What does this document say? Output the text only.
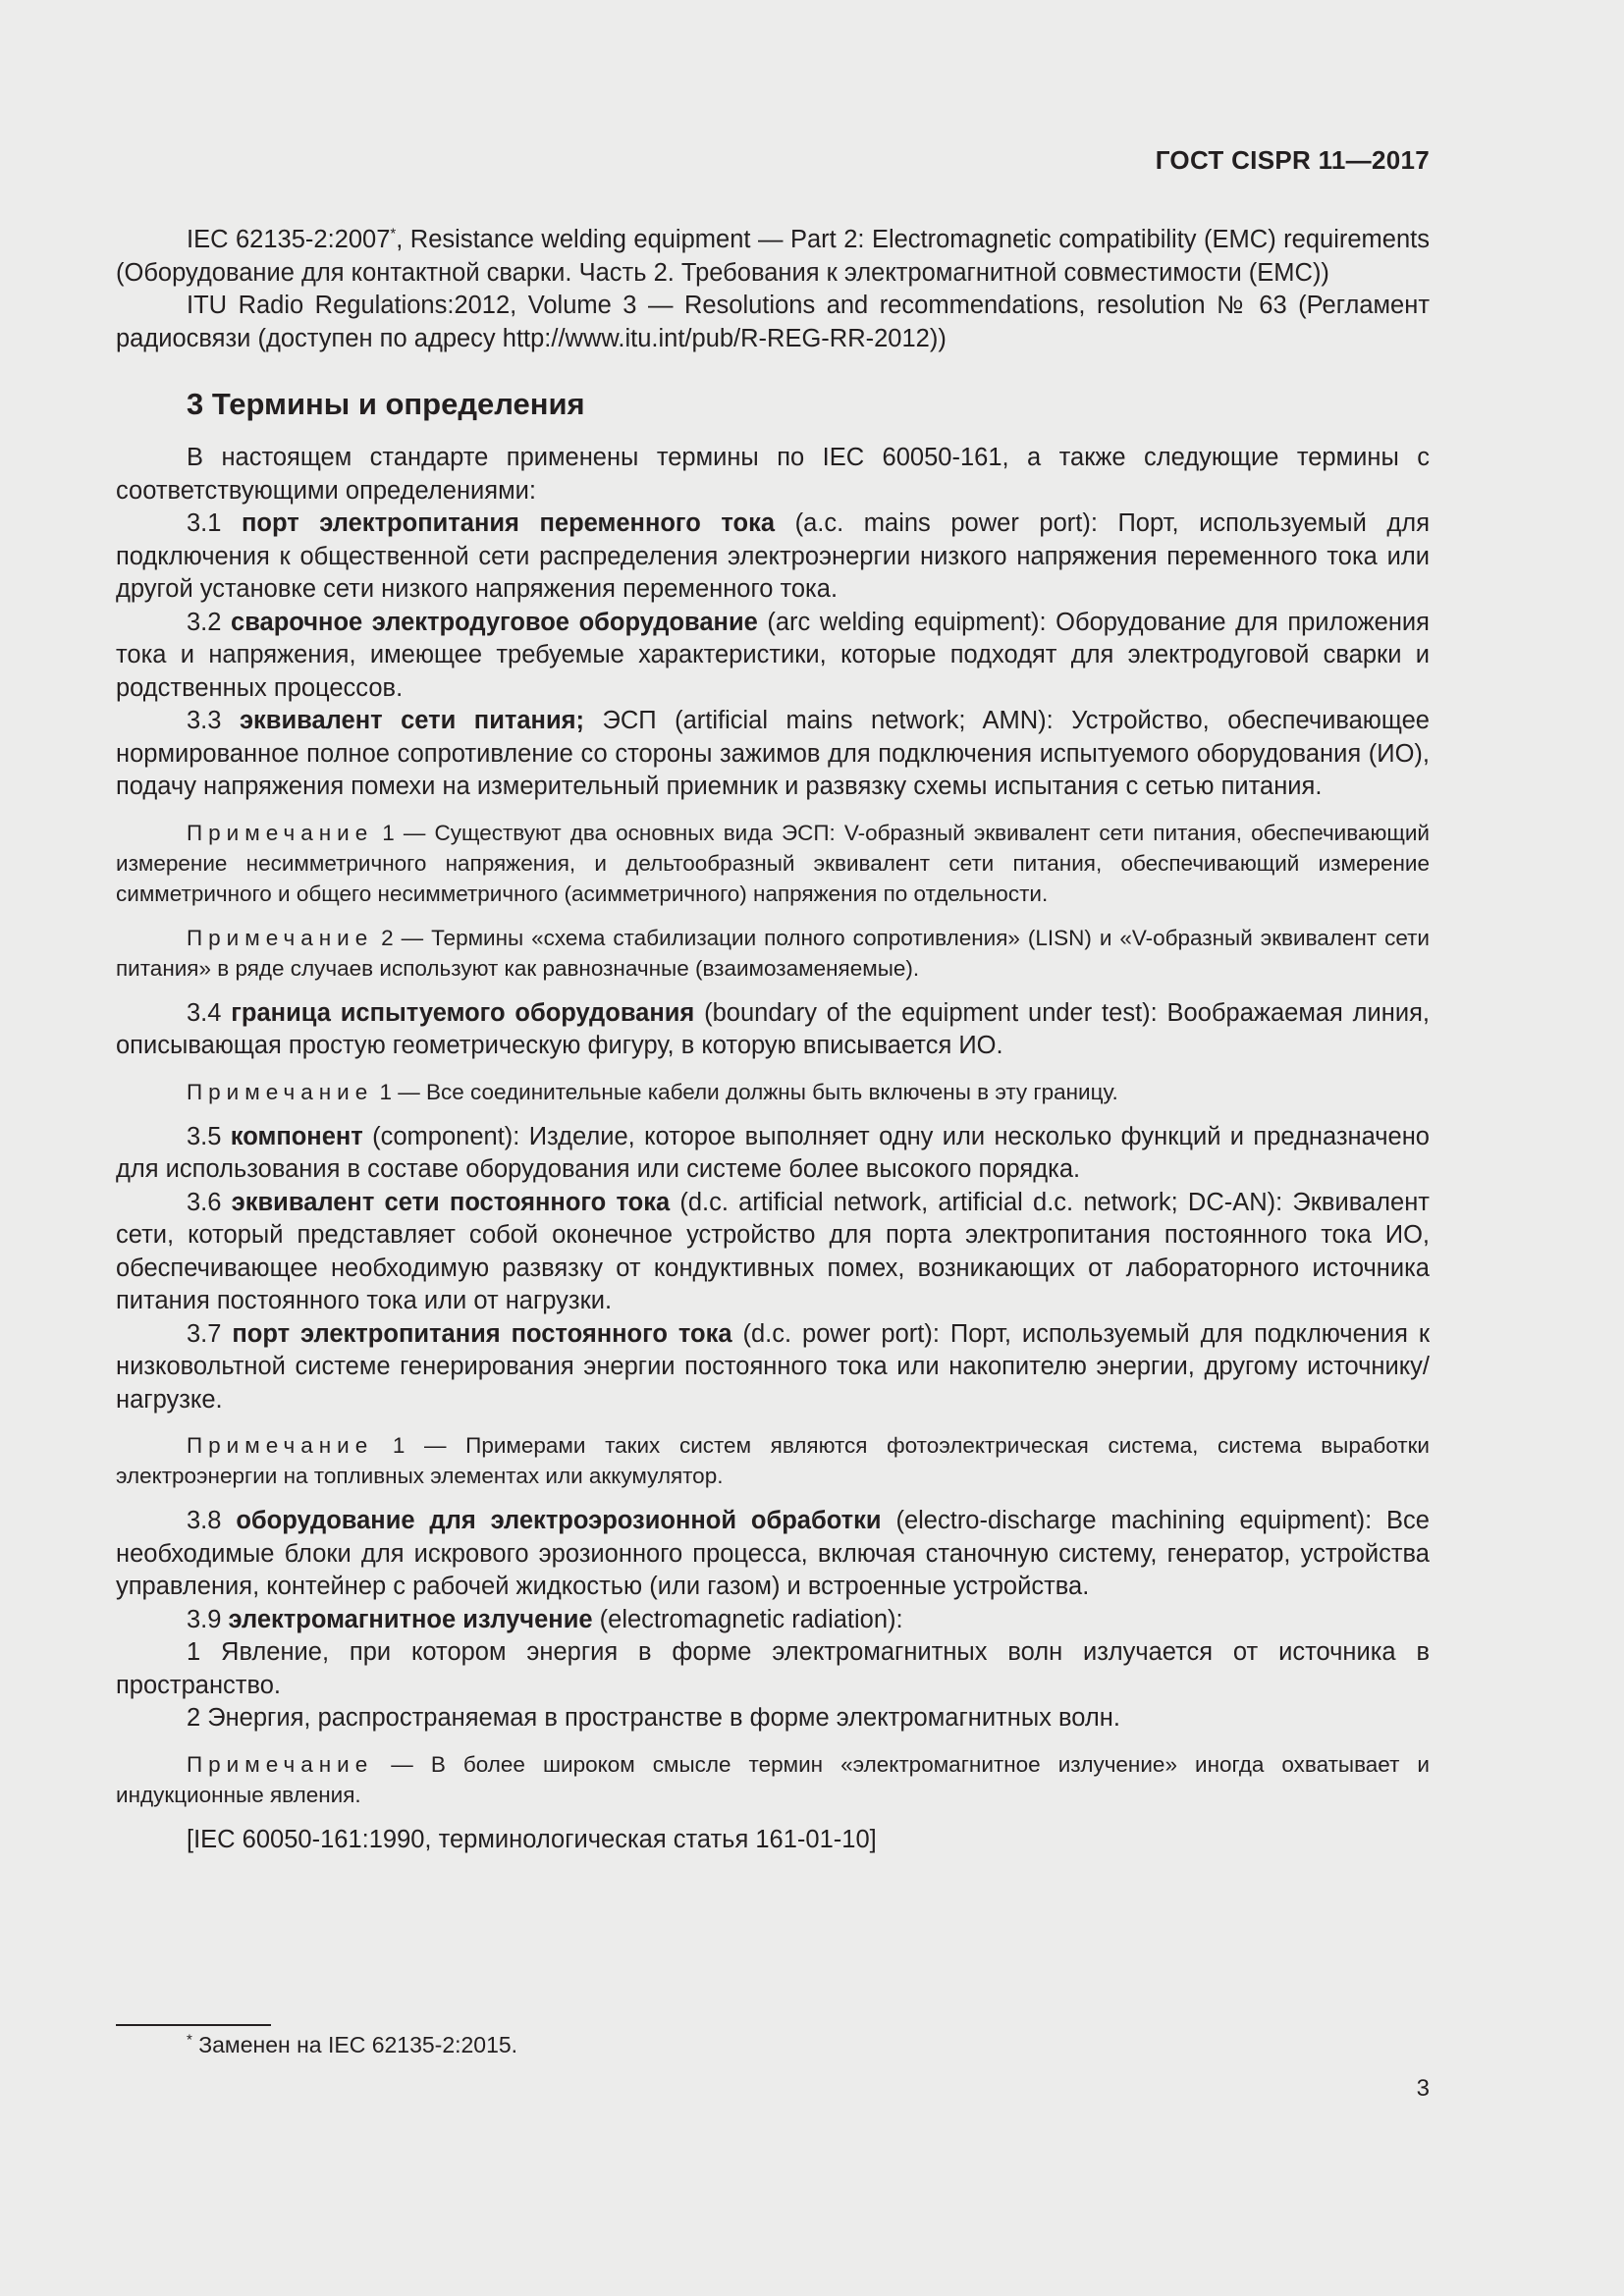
ГОСТ CISPR 11—2017

IEC 62135-2:2007*, Resistance welding equipment — Part 2: Electromagnetic compatibility (EMC) requirements (Оборудование для контактной сварки. Часть 2. Требования к электромагнитной совместимости (EMC))

ITU Radio Regulations:2012, Volume 3 — Resolutions and recommendations, resolution № 63 (Регламент радиосвязи (доступен по адресу http://www.itu.int/pub/R-REG-RR-2012))

3 Термины и определения

В настоящем стандарте применены термины по IEC 60050-161, а также следующие термины с соответствующими определениями:

3.1 порт электропитания переменного тока (a.c. mains power port): Порт, используемый для подключения к общественной сети распределения электроэнергии низкого напряжения переменного тока или другой установке сети низкого напряжения переменного тока.

3.2 сварочное электродуговое оборудование (arc welding equipment): Оборудование для приложения тока и напряжения, имеющее требуемые характеристики, которые подходят для электродуговой сварки и родственных процессов.

3.3 эквивалент сети питания; ЭСП (artificial mains network; AMN): Устройство, обеспечивающее нормированное полное сопротивление со стороны зажимов для подключения испытуемого оборудования (ИО), подачу напряжения помехи на измерительный приемник и развязку схемы испытания с сетью питания.

Примечание 1 — Существуют два основных вида ЭСП: V-образный эквивалент сети питания, обеспечивающий измерение несимметричного напряжения, и дельтообразный эквивалент сети питания, обеспечивающий измерение симметричного и общего несимметричного (асимметричного) напряжения по отдельности.

Примечание 2 — Термины «схема стабилизации полного сопротивления» (LISN) и «V-образный эквивалент сети питания» в ряде случаев используют как равнозначные (взаимозаменяемые).

3.4 граница испытуемого оборудования (boundary of the equipment under test): Воображаемая линия, описывающая простую геометрическую фигуру, в которую вписывается ИО.

Примечание 1 — Все соединительные кабели должны быть включены в эту границу.

3.5 компонент (component): Изделие, которое выполняет одну или несколько функций и предназначено для использования в составе оборудования или системе более высокого порядка.

3.6 эквивалент сети постоянного тока (d.c. artificial network, artificial d.c. network; DC-AN): Эквивалент сети, который представляет собой оконечное устройство для порта электропитания постоянного тока ИО, обеспечивающее необходимую развязку от кондуктивных помех, возникающих от лабораторного источника питания постоянного тока или от нагрузки.

3.7 порт электропитания постоянного тока (d.c. power port): Порт, используемый для подключения к низковольтной системе генерирования энергии постоянного тока или накопителю энергии, другому источнику/нагрузке.

Примечание 1 — Примерами таких систем являются фотоэлектрическая система, система выработки электроэнергии на топливных элементах или аккумулятор.

3.8 оборудование для электроэрозионной обработки (electro-discharge machining equipment): Все необходимые блоки для искрового эрозионного процесса, включая станочную систему, генератор, устройства управления, контейнер с рабочей жидкостью (или газом) и встроенные устройства.

3.9 электромагнитное излучение (electromagnetic radiation):

1 Явление, при котором энергия в форме электромагнитных волн излучается от источника в пространство.

2 Энергия, распространяемая в пространстве в форме электромагнитных волн.

Примечание — В более широком смысле термин «электромагнитное излучение» иногда охватывает и индукционные явления.

[IEC 60050-161:1990, терминологическая статья 161-01-10]

* Заменен на IEC 62135-2:2015.
3
